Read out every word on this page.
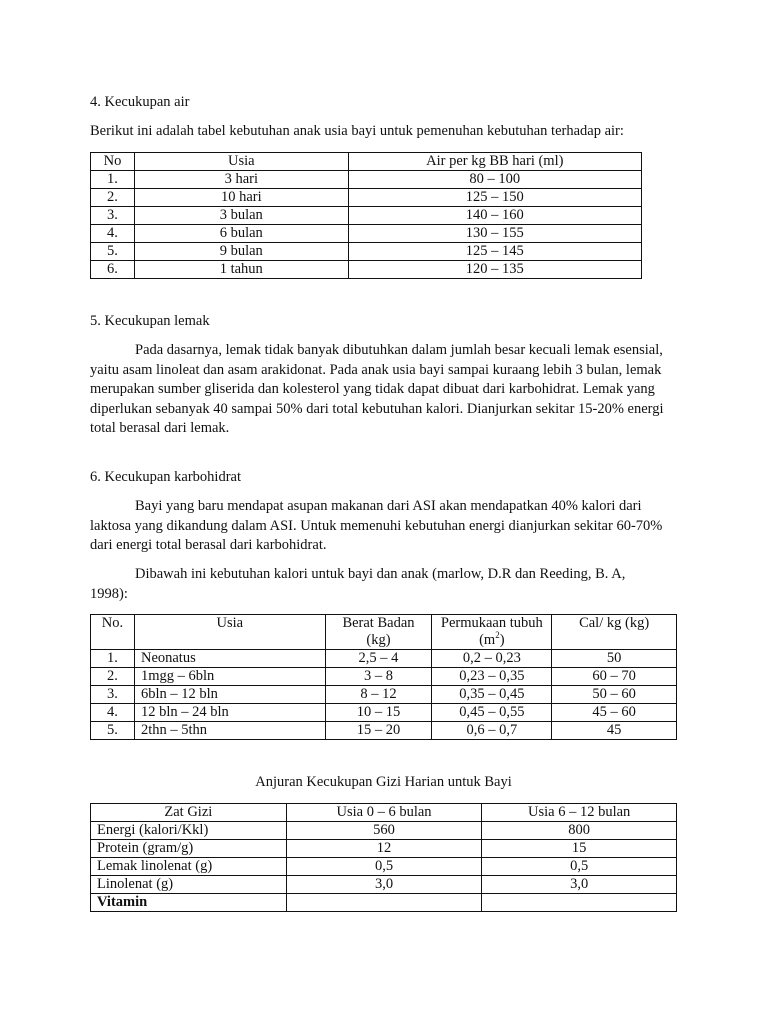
4. Kecukupan air
Berikut ini adalah tabel kebutuhan anak usia bayi untuk pemenuhan kebutuhan terhadap air:
No	Usia	Air per kg BB hari (ml)
1.	3 hari	80 – 100
2.	10 hari	125 – 150
3.	3 bulan	140 – 160
4.	6 bulan	130 – 155
5.	9 bulan	125 – 145
6.	1 tahun	120 – 135
5. Kecukupan lemak

Pada dasarnya, lemak tidak banyak dibutuhkan dalam jumlah besar kecuali lemak esensial, yaitu asam linoleat dan asam arakidonat. Pada anak usia bayi sampai kuraang lebih 3 bulan, lemak merupakan sumber gliserida dan kolesterol yang tidak dapat dibuat dari karbohidrat. Lemak yang diperlukan sebanyak 40 sampai 50% dari total kebutuhan kalori. Dianjurkan sekitar 15-20% energi total berasal dari lemak.

6. Kecukupan karbohidrat

Bayi yang baru mendapat asupan makanan dari ASI akan mendapatkan 40% kalori dari laktosa yang dikandung dalam ASI. Untuk memenuhi kebutuhan energi dianjurkan sekitar 60-70% dari energi total berasal dari karbohidrat.

Dibawah ini kebutuhan kalori untuk bayi dan anak (marlow, D.R dan Reeding, B. A, 1998):

No.	Usia	Berat Badan (kg)	Permukaan tubuh $(m^2)$	Cal/ kg (kg)
1.	Neonatus	2,5 – 4	0,2 – 0,23	50
2.	1mgg – 6bln	3 – 8	0,23 – 0,35	60 – 70
3.	6bln – 12 bln	8 – 12	0,35 – 0,45	50 – 60
4.	12 bln – 24 bln	10 – 15	0,45 – 0,55	45 – 60
5.	2thn – 5thn	15 – 20	0,6 – 0,7	45
Anjuran Kecukupan Gizi Harian untuk Bayi
Zat Gizi	Usia 0 – 6 bulan	Usia 6 – 12 bulan
Energi (kalori/Kkl)	560	800
Protein (gram/g)	12	15
Lemak linolenat (g)	0,5	0,5
Linolenat (g)	3,0	3,0
Vitamin		
